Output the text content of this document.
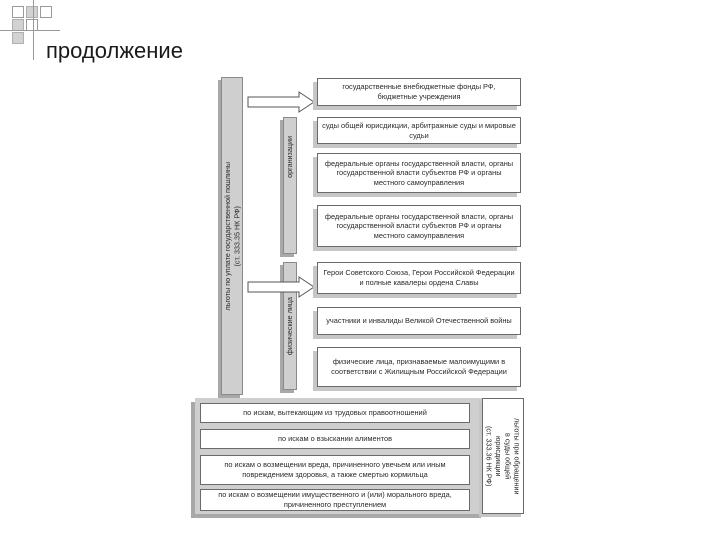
продолжение
льготы по уплате государственной пошлины (ст. 333.35 НК РФ)
организации
физические лица
государственные внебюджетные фонды РФ, бюджетные учреждения
суды общей юрисдикции, арбитражные суды и мировые судьи
федеральные органы государственной власти, органы государственной власти субъектов РФ и органы местного самоуправления
федеральные органы государственной власти, органы государственной власти субъектов РФ и органы местного самоуправления
Герои Советского Союза, Герои Российской Федерации и полные кавалеры ордена Славы
участники и инвалиды Великой Отечественной войны
физические лица, признаваемые малоимущими в соответствии с Жилищным Российской Федерации
по искам, вытекающим из трудовых правоотношений
по искам о взыскании алиментов
по искам о возмещении вреда, причиненного увечьем или иным повреждением здоровья, а также смертью кормильца
по искам о возмещении имущественного и (или) морального вреда, причиненного преступлением
льготы при обращении
в суды общей
юрисдикции
(ст. 333.36 НК РФ)
